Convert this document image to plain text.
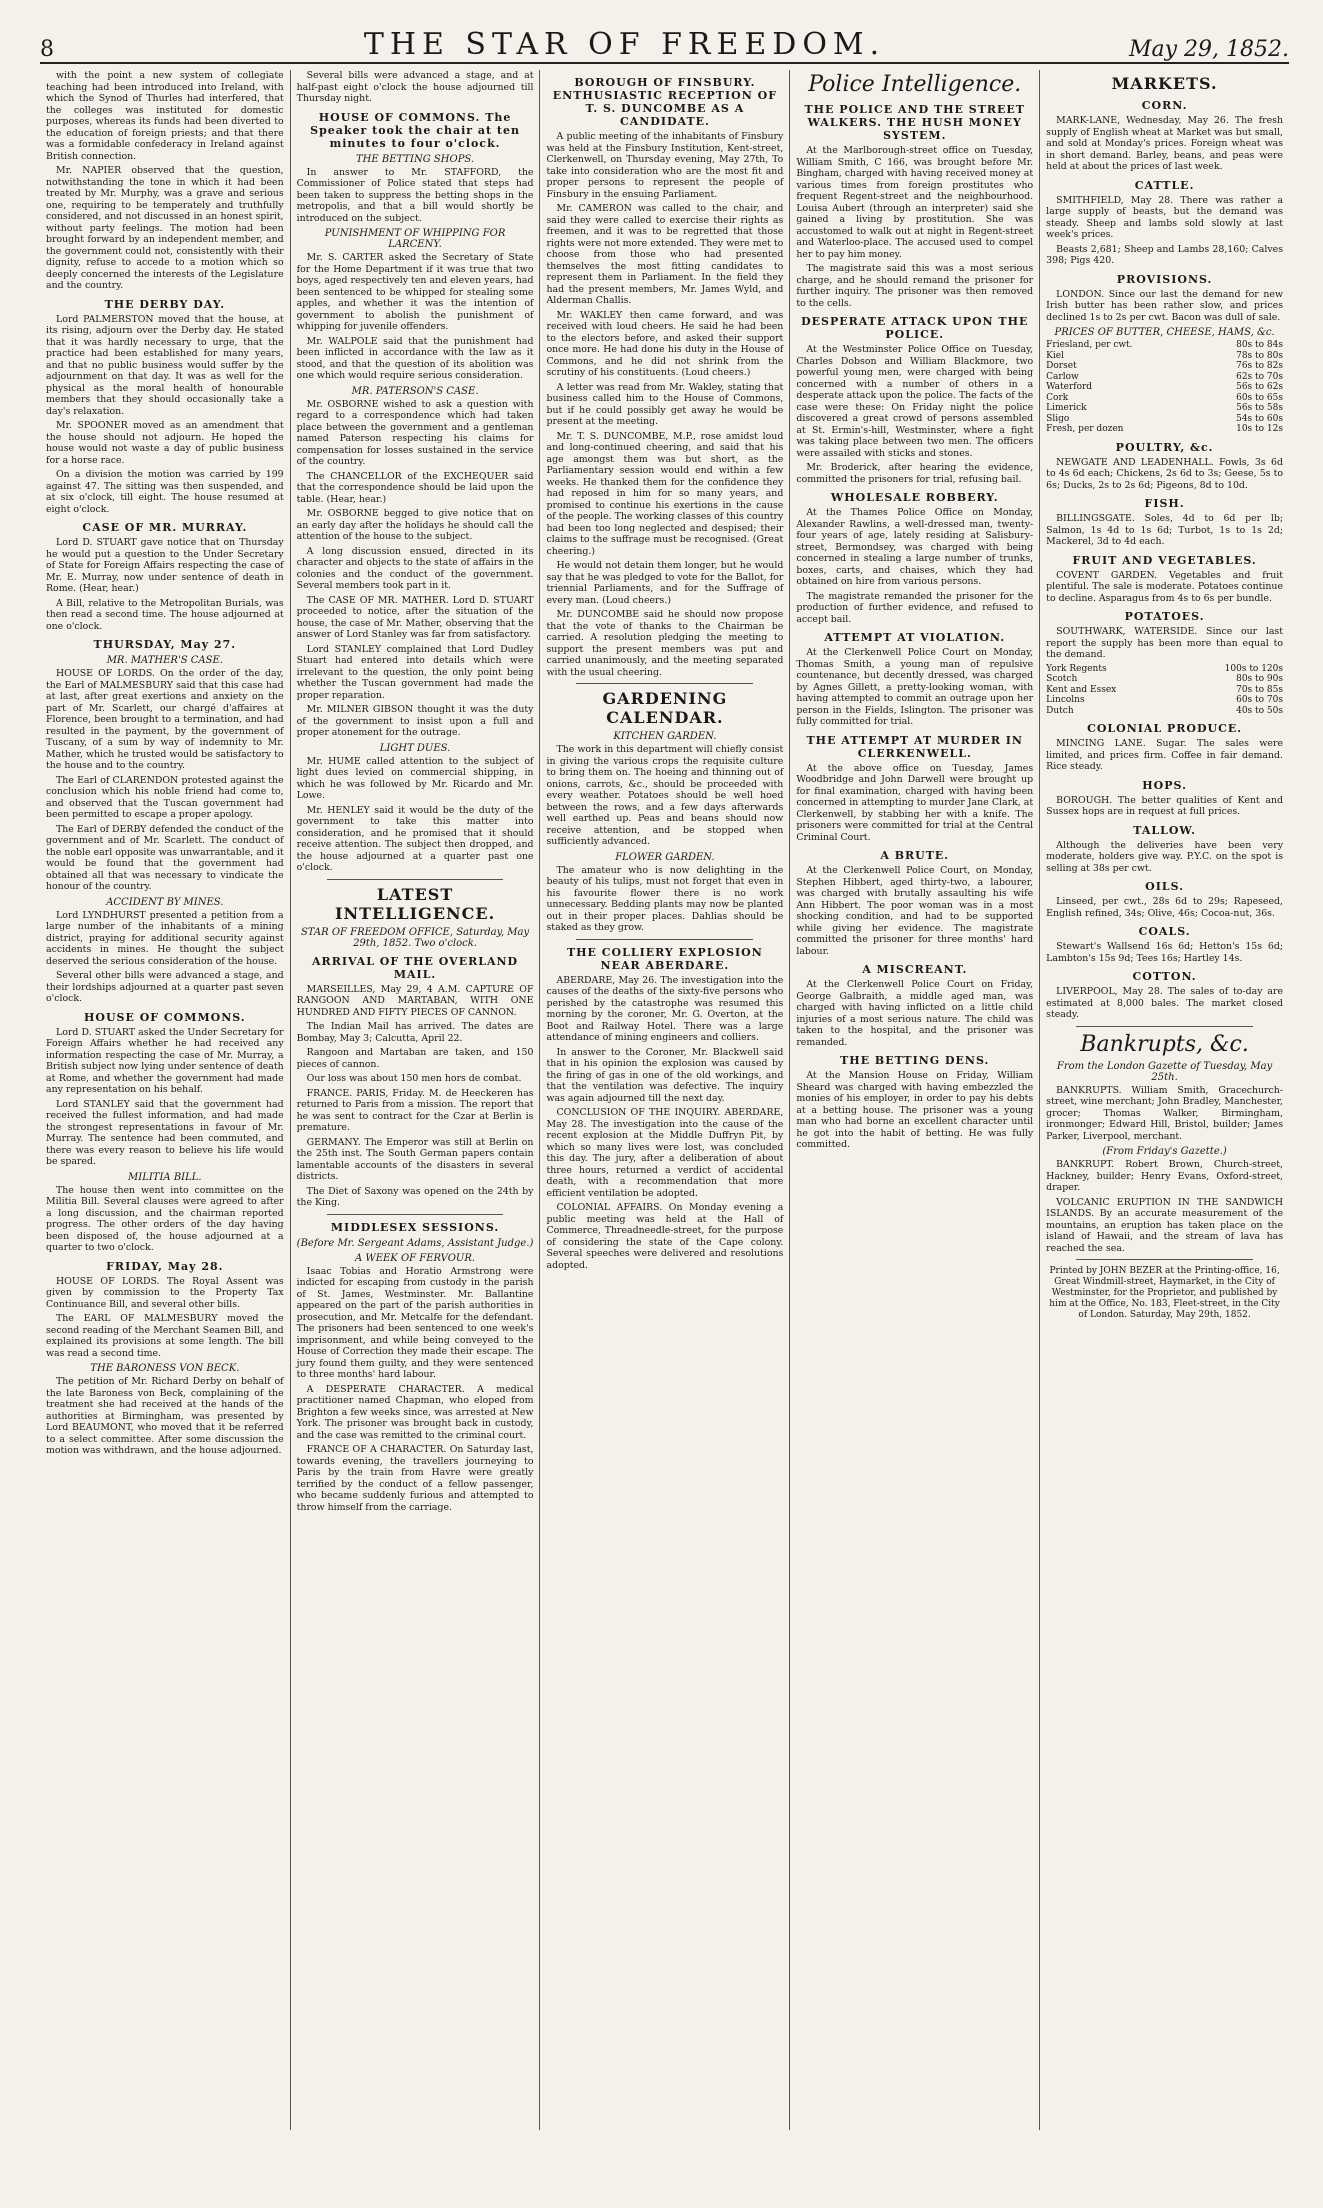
8	THE STAR OF FREEDOM.	May 29, 1852.

with the point a new system of collegiate teaching had been introduced into Ireland, with which the Synod of Thurles had interfered, that the colleges was instituted for domestic purposes, whereas its funds had been diverted to the education of foreign priests; and that there was a formidable confederacy in Ireland against British connection.

Mr. NAPIER observed that the question, notwithstanding the tone in which it had been treated by Mr. Murphy, was a grave and serious one, requiring to be temperately and truthfully considered, and not discussed in an honest spirit, without party feelings. The motion had been brought forward by an independent member, and the government could not, consistently with their dignity, refuse to accede to a motion which so deeply concerned the interests of the Legislature and the country.

THE DERBY DAY.

Lord PALMERSTON moved that the house, at its rising, adjourn over the Derby day. He stated that it was hardly necessary to urge, that the practice had been established for many years, and that no public business would suffer by the adjournment on that day. It was as well for the physical as the moral health of honourable members that they should occasionally take a day's relaxation.

Mr. SPOONER moved as an amendment that the house should not adjourn. He hoped the house would not waste a day of public business for a horse race.

On a division the motion was carried by 199 against 47. The sitting was then suspended, and at six o'clock, till eight. The house resumed at eight o'clock.

CASE OF MR. MURRAY.

Lord D. STUART gave notice that on Thursday he would put a question to the Under Secretary of State for Foreign Affairs respecting the case of Mr. E. Murray, now under sentence of death in Rome. (Hear, hear.)

A Bill, relative to the Metropolitan Burials, was then read a second time. The house adjourned at one o'clock.

THURSDAY, May 27.
MR. MATHER'S CASE.

HOUSE OF LORDS. On the order of the day, the Earl of MALMESBURY said that this case had at last, after great exertions and anxiety on the part of Mr. Scarlett, our chargé d'affaires at Florence, been brought to a termination, and had resulted in the payment, by the government of Tuscany, of a sum by way of indemnity to Mr. Mather, which he trusted would be satisfactory to the house and to the country.

The Earl of CLARENDON protested against the conclusion which his noble friend had come to, and observed that the Tuscan government had been permitted to escape a proper apology.

The Earl of DERBY defended the conduct of the government and of Mr. Scarlett. The conduct of the noble earl opposite was unwarrantable, and it would be found that the government had obtained all that was necessary to vindicate the honour of the country.

ACCIDENT BY MINES.

Lord LYNDHURST presented a petition from a large number of the inhabitants of a mining district, praying for additional security against accidents in mines. He thought the subject deserved the serious consideration of the house.

Several other bills were advanced a stage, and their lordships adjourned at a quarter past seven o'clock.

HOUSE OF COMMONS.

Lord D. STUART asked the Under Secretary for Foreign Affairs whether he had received any information respecting the case of Mr. Murray, a British subject now lying under sentence of death at Rome, and whether the government had made any representation on his behalf.

Lord STANLEY said that the government had received the fullest information, and had made the strongest representations in favour of Mr. Murray. The sentence had been commuted, and there was every reason to believe his life would be spared.

MILITIA BILL.

The house then went into committee on the Militia Bill. Several clauses were agreed to after a long discussion, and the chairman reported progress. The other orders of the day having been disposed of, the house adjourned at a quarter to two o'clock.

FRIDAY, May 28.

HOUSE OF LORDS. The Royal Assent was given by commission to the Property Tax Continuance Bill, and several other bills.

The EARL OF MALMESBURY moved the second reading of the Merchant Seamen Bill, and explained its provisions at some length. The bill was read a second time.

THE BARONESS VON BECK.

The petition of Mr. Richard Derby on behalf of the late Baroness von Beck, complaining of the treatment she had received at the hands of the authorities at Birmingham, was presented by Lord BEAUMONT, who moved that it be referred to a select committee. After some discussion the motion was withdrawn, and the house adjourned.

Several bills were advanced a stage, and at half-past eight o'clock the house adjourned till Thursday night.

HOUSE OF COMMONS. The Speaker took the chair at ten minutes to four o'clock.
THE BETTING SHOPS.

In answer to Mr. STAFFORD, the Commissioner of Police stated that steps had been taken to suppress the betting shops in the metropolis, and that a bill would shortly be introduced on the subject.

PUNISHMENT OF WHIPPING FOR LARCENY.

Mr. S. CARTER asked the Secretary of State for the Home Department if it was true that two boys, aged respectively ten and eleven years, had been sentenced to be whipped for stealing some apples, and whether it was the intention of government to abolish the punishment of whipping for juvenile offenders.

Mr. WALPOLE said that the punishment had been inflicted in accordance with the law as it stood, and that the question of its abolition was one which would require serious consideration.

MR. PATERSON'S CASE.

Mr. OSBORNE wished to ask a question with regard to a correspondence which had taken place between the government and a gentleman named Paterson respecting his claims for compensation for losses sustained in the service of the country.

The CHANCELLOR of the EXCHEQUER said that the correspondence should be laid upon the table. (Hear, hear.)

Mr. OSBORNE begged to give notice that on an early day after the holidays he should call the attention of the house to the subject.

A long discussion ensued, directed in its character and objects to the state of affairs in the colonies and the conduct of the government. Several members took part in it.

The CASE OF MR. MATHER. Lord D. STUART proceeded to notice, after the situation of the house, the case of Mr. Mather, observing that the answer of Lord Stanley was far from satisfactory.

Lord STANLEY complained that Lord Dudley Stuart had entered into details which were irrelevant to the question, the only point being whether the Tuscan government had made the proper reparation.

Mr. MILNER GIBSON thought it was the duty of the government to insist upon a full and proper atonement for the outrage.

LIGHT DUES.

Mr. HUME called attention to the subject of light dues levied on commercial shipping, in which he was followed by Mr. Ricardo and Mr. Lowe.

Mr. HENLEY said it would be the duty of the government to take this matter into consideration, and he promised that it should receive attention. The subject then dropped, and the house adjourned at a quarter past one o'clock.

LATEST INTELLIGENCE.
STAR OF FREEDOM OFFICE, Saturday, May 29th, 1852. Two o'clock.
ARRIVAL OF THE OVERLAND MAIL.

MARSEILLES, May 29, 4 A.M. CAPTURE OF RANGOON AND MARTABAN, WITH ONE HUNDRED AND FIFTY PIECES OF CANNON.

The Indian Mail has arrived. The dates are Bombay, May 3; Calcutta, April 22.

Rangoon and Martaban are taken, and 150 pieces of cannon.

Our loss was about 150 men hors de combat.

FRANCE. PARIS, Friday. M. de Heeckeren has returned to Paris from a mission. The report that he was sent to contract for the Czar at Berlin is premature.

GERMANY. The Emperor was still at Berlin on the 25th inst. The South German papers contain lamentable accounts of the disasters in several districts.

The Diet of Saxony was opened on the 24th by the King.

MIDDLESEX SESSIONS.
(Before Mr. Sergeant Adams, Assistant Judge.)
A WEEK OF FERVOUR.

Isaac Tobias and Horatio Armstrong were indicted for escaping from custody in the parish of St. James, Westminster. Mr. Ballantine appeared on the part of the parish authorities in prosecution, and Mr. Metcalfe for the defendant. The prisoners had been sentenced to one week's imprisonment, and while being conveyed to the House of Correction they made their escape. The jury found them guilty, and they were sentenced to three months' hard labour.

A DESPERATE CHARACTER. A medical practitioner named Chapman, who eloped from Brighton a few weeks since, was arrested at New York. The prisoner was brought back in custody, and the case was remitted to the criminal court.

FRANCE OF A CHARACTER. On Saturday last, towards evening, the travellers journeying to Paris by the train from Havre were greatly terrified by the conduct of a fellow passenger, who became suddenly furious and attempted to throw himself from the carriage.

BOROUGH OF FINSBURY. ENTHUSIASTIC RECEPTION OF T. S. DUNCOMBE AS A CANDIDATE.

A public meeting of the inhabitants of Finsbury was held at the Finsbury Institution, Kent-street, Clerkenwell, on Thursday evening, May 27th, To take into consideration who are the most fit and proper persons to represent the people of Finsbury in the ensuing Parliament.

Mr. CAMERON was called to the chair, and said they were called to exercise their rights as freemen, and it was to be regretted that those rights were not more extended. They were met to choose from those who had presented themselves the most fitting candidates to represent them in Parliament. In the field they had the present members, Mr. James Wyld, and Alderman Challis.

Mr. WAKLEY then came forward, and was received with loud cheers. He said he had been to the electors before, and asked their support once more. He had done his duty in the House of Commons, and he did not shrink from the scrutiny of his constituents. (Loud cheers.)

A letter was read from Mr. Wakley, stating that business called him to the House of Commons, but if he could possibly get away he would be present at the meeting.

Mr. T. S. DUNCOMBE, M.P., rose amidst loud and long-continued cheering, and said that his age amongst them was but short, as the Parliamentary session would end within a few weeks. He thanked them for the confidence they had reposed in him for so many years, and promised to continue his exertions in the cause of the people. The working classes of this country had been too long neglected and despised; their claims to the suffrage must be recognised. (Great cheering.)

He would not detain them longer, but he would say that he was pledged to vote for the Ballot, for triennial Parliaments, and for the Suffrage of every man. (Loud cheers.)

Mr. DUNCOMBE said he should now propose that the vote of thanks to the Chairman be carried. A resolution pledging the meeting to support the present members was put and carried unanimously, and the meeting separated with the usual cheering.

GARDENING CALENDAR.
KITCHEN GARDEN.

The work in this department will chiefly consist in giving the various crops the requisite culture to bring them on. The hoeing and thinning out of onions, carrots, &c., should be proceeded with every weather. Potatoes should be well hoed between the rows, and a few days afterwards well earthed up. Peas and beans should now receive attention, and be stopped when sufficiently advanced.

FLOWER GARDEN.

The amateur who is now delighting in the beauty of his tulips, must not forget that even in his favourite flower there is no work unnecessary. Bedding plants may now be planted out in their proper places. Dahlias should be staked as they grow.

THE COLLIERY EXPLOSION NEAR ABERDARE.

ABERDARE, May 26. The investigation into the causes of the deaths of the sixty-five persons who perished by the catastrophe was resumed this morning by the coroner, Mr. G. Overton, at the Boot and Railway Hotel. There was a large attendance of mining engineers and colliers.

In answer to the Coroner, Mr. Blackwell said that in his opinion the explosion was caused by the firing of gas in one of the old workings, and that the ventilation was defective. The inquiry was again adjourned till the next day.

CONCLUSION OF THE INQUIRY. ABERDARE, May 28. The investigation into the cause of the recent explosion at the Middle Duffryn Pit, by which so many lives were lost, was concluded this day. The jury, after a deliberation of about three hours, returned a verdict of accidental death, with a recommendation that more efficient ventilation be adopted.

COLONIAL AFFAIRS. On Monday evening a public meeting was held at the Hall of Commerce, Threadneedle-street, for the purpose of considering the state of the Cape colony. Several speeches were delivered and resolutions adopted.

Police Intelligence.
THE POLICE AND THE STREET WALKERS. THE HUSH MONEY SYSTEM.

At the Marlborough-street office on Tuesday, William Smith, C 166, was brought before Mr. Bingham, charged with having received money at various times from foreign prostitutes who frequent Regent-street and the neighbourhood. Louisa Aubert (through an interpreter) said she gained a living by prostitution. She was accustomed to walk out at night in Regent-street and Waterloo-place. The accused used to compel her to pay him money.

The magistrate said this was a most serious charge, and he should remand the prisoner for further inquiry. The prisoner was then removed to the cells.

DESPERATE ATTACK UPON THE POLICE.

At the Westminster Police Office on Tuesday, Charles Dobson and William Blackmore, two powerful young men, were charged with being concerned with a number of others in a desperate attack upon the police. The facts of the case were these: On Friday night the police discovered a great crowd of persons assembled at St. Ermin's-hill, Westminster, where a fight was taking place between two men. The officers were assailed with sticks and stones.

Mr. Broderick, after hearing the evidence, committed the prisoners for trial, refusing bail.

WHOLESALE ROBBERY.

At the Thames Police Office on Monday, Alexander Rawlins, a well-dressed man, twenty-four years of age, lately residing at Salisbury-street, Bermondsey, was charged with being concerned in stealing a large number of trunks, boxes, carts, and chaises, which they had obtained on hire from various persons.

The magistrate remanded the prisoner for the production of further evidence, and refused to accept bail.

ATTEMPT AT VIOLATION.

At the Clerkenwell Police Court on Monday, Thomas Smith, a young man of repulsive countenance, but decently dressed, was charged by Agnes Gillett, a pretty-looking woman, with having attempted to commit an outrage upon her person in the Fields, Islington. The prisoner was fully committed for trial.

THE ATTEMPT AT MURDER IN CLERKENWELL.

At the above office on Tuesday, James Woodbridge and John Darwell were brought up for final examination, charged with having been concerned in attempting to murder Jane Clark, at Clerkenwell, by stabbing her with a knife. The prisoners were committed for trial at the Central Criminal Court.

A BRUTE.

At the Clerkenwell Police Court, on Monday, Stephen Hibbert, aged thirty-two, a labourer, was charged with brutally assaulting his wife Ann Hibbert. The poor woman was in a most shocking condition, and had to be supported while giving her evidence. The magistrate committed the prisoner for three months' hard labour.

A MISCREANT.

At the Clerkenwell Police Court on Friday, George Galbraith, a middle aged man, was charged with having inflicted on a little child injuries of a most serious nature. The child was taken to the hospital, and the prisoner was remanded.

THE BETTING DENS.

At the Mansion House on Friday, William Sheard was charged with having embezzled the monies of his employer, in order to pay his debts at a betting house. The prisoner was a young man who had borne an excellent character until he got into the habit of betting. He was fully committed.

MARKETS.
CORN.

MARK-LANE, Wednesday, May 26. The fresh supply of English wheat at Market was but small, and sold at Monday's prices. Foreign wheat was in short demand. Barley, beans, and peas were held at about the prices of last week.

CATTLE.

SMITHFIELD, May 28. There was rather a large supply of beasts, but the demand was steady. Sheep and lambs sold slowly at last week's prices.

Beasts 2,681; Sheep and Lambs 28,160; Calves 398; Pigs 420.

PROVISIONS.

LONDON. Since our last the demand for new Irish butter has been rather slow, and prices declined 1s to 2s per cwt. Bacon was dull of sale.

PRICES OF BUTTER, CHEESE, HAMS, &c.
Friesland, per cwt.	80s to 84s
Kiel	78s to 80s
Dorset	76s to 82s
Carlow	62s to 70s
Waterford	56s to 62s
Cork	60s to 65s
Limerick	56s to 58s
Sligo	54s to 60s
Fresh, per dozen	10s to 12s
POULTRY, &c.

NEWGATE AND LEADENHALL. Fowls, 3s 6d to 4s 6d each; Chickens, 2s 6d to 3s; Geese, 5s to 6s; Ducks, 2s to 2s 6d; Pigeons, 8d to 10d.

FISH.

BILLINGSGATE. Soles, 4d to 6d per lb; Salmon, 1s 4d to 1s 6d; Turbot, 1s to 1s 2d; Mackerel, 3d to 4d each.

FRUIT AND VEGETABLES.

COVENT GARDEN. Vegetables and fruit plentiful. The sale is moderate. Potatoes continue to decline. Asparagus from 4s to 6s per bundle.

POTATOES.

SOUTHWARK, WATERSIDE. Since our last report the supply has been more than equal to the demand.

York Regents	100s to 120s
Scotch	80s to 90s
Kent and Essex	70s to 85s
Lincolns	60s to 70s
Dutch	40s to 50s
COLONIAL PRODUCE.

MINCING LANE. Sugar. The sales were limited, and prices firm. Coffee in fair demand. Rice steady.

HOPS.

BOROUGH. The better qualities of Kent and Sussex hops are in request at full prices.

TALLOW.

Although the deliveries have been very moderate, holders give way. P.Y.C. on the spot is selling at 38s per cwt.

OILS.

Linseed, per cwt., 28s 6d to 29s; Rapeseed, English refined, 34s; Olive, 46s; Cocoa-nut, 36s.

COALS.

Stewart's Wallsend 16s 6d; Hetton's 15s 6d; Lambton's 15s 9d; Tees 16s; Hartley 14s.

COTTON.

LIVERPOOL, May 28. The sales of to-day are estimated at 8,000 bales. The market closed steady.

Bankrupts, &c.
From the London Gazette of Tuesday, May 25th.

BANKRUPTS. William Smith, Gracechurch-street, wine merchant; John Bradley, Manchester, grocer; Thomas Walker, Birmingham, ironmonger; Edward Hill, Bristol, builder; James Parker, Liverpool, merchant.

(From Friday's Gazette.)

BANKRUPT. Robert Brown, Church-street, Hackney, builder; Henry Evans, Oxford-street, draper.

VOLCANIC ERUPTION IN THE SANDWICH ISLANDS. By an accurate measurement of the mountains, an eruption has taken place on the island of Hawaii, and the stream of lava has reached the sea.

Printed by JOHN BEZER at the Printing-office, 16, Great Windmill-street, Haymarket, in the City of Westminster, for the Proprietor, and published by him at the Office, No. 183, Fleet-street, in the City of London. Saturday, May 29th, 1852.
